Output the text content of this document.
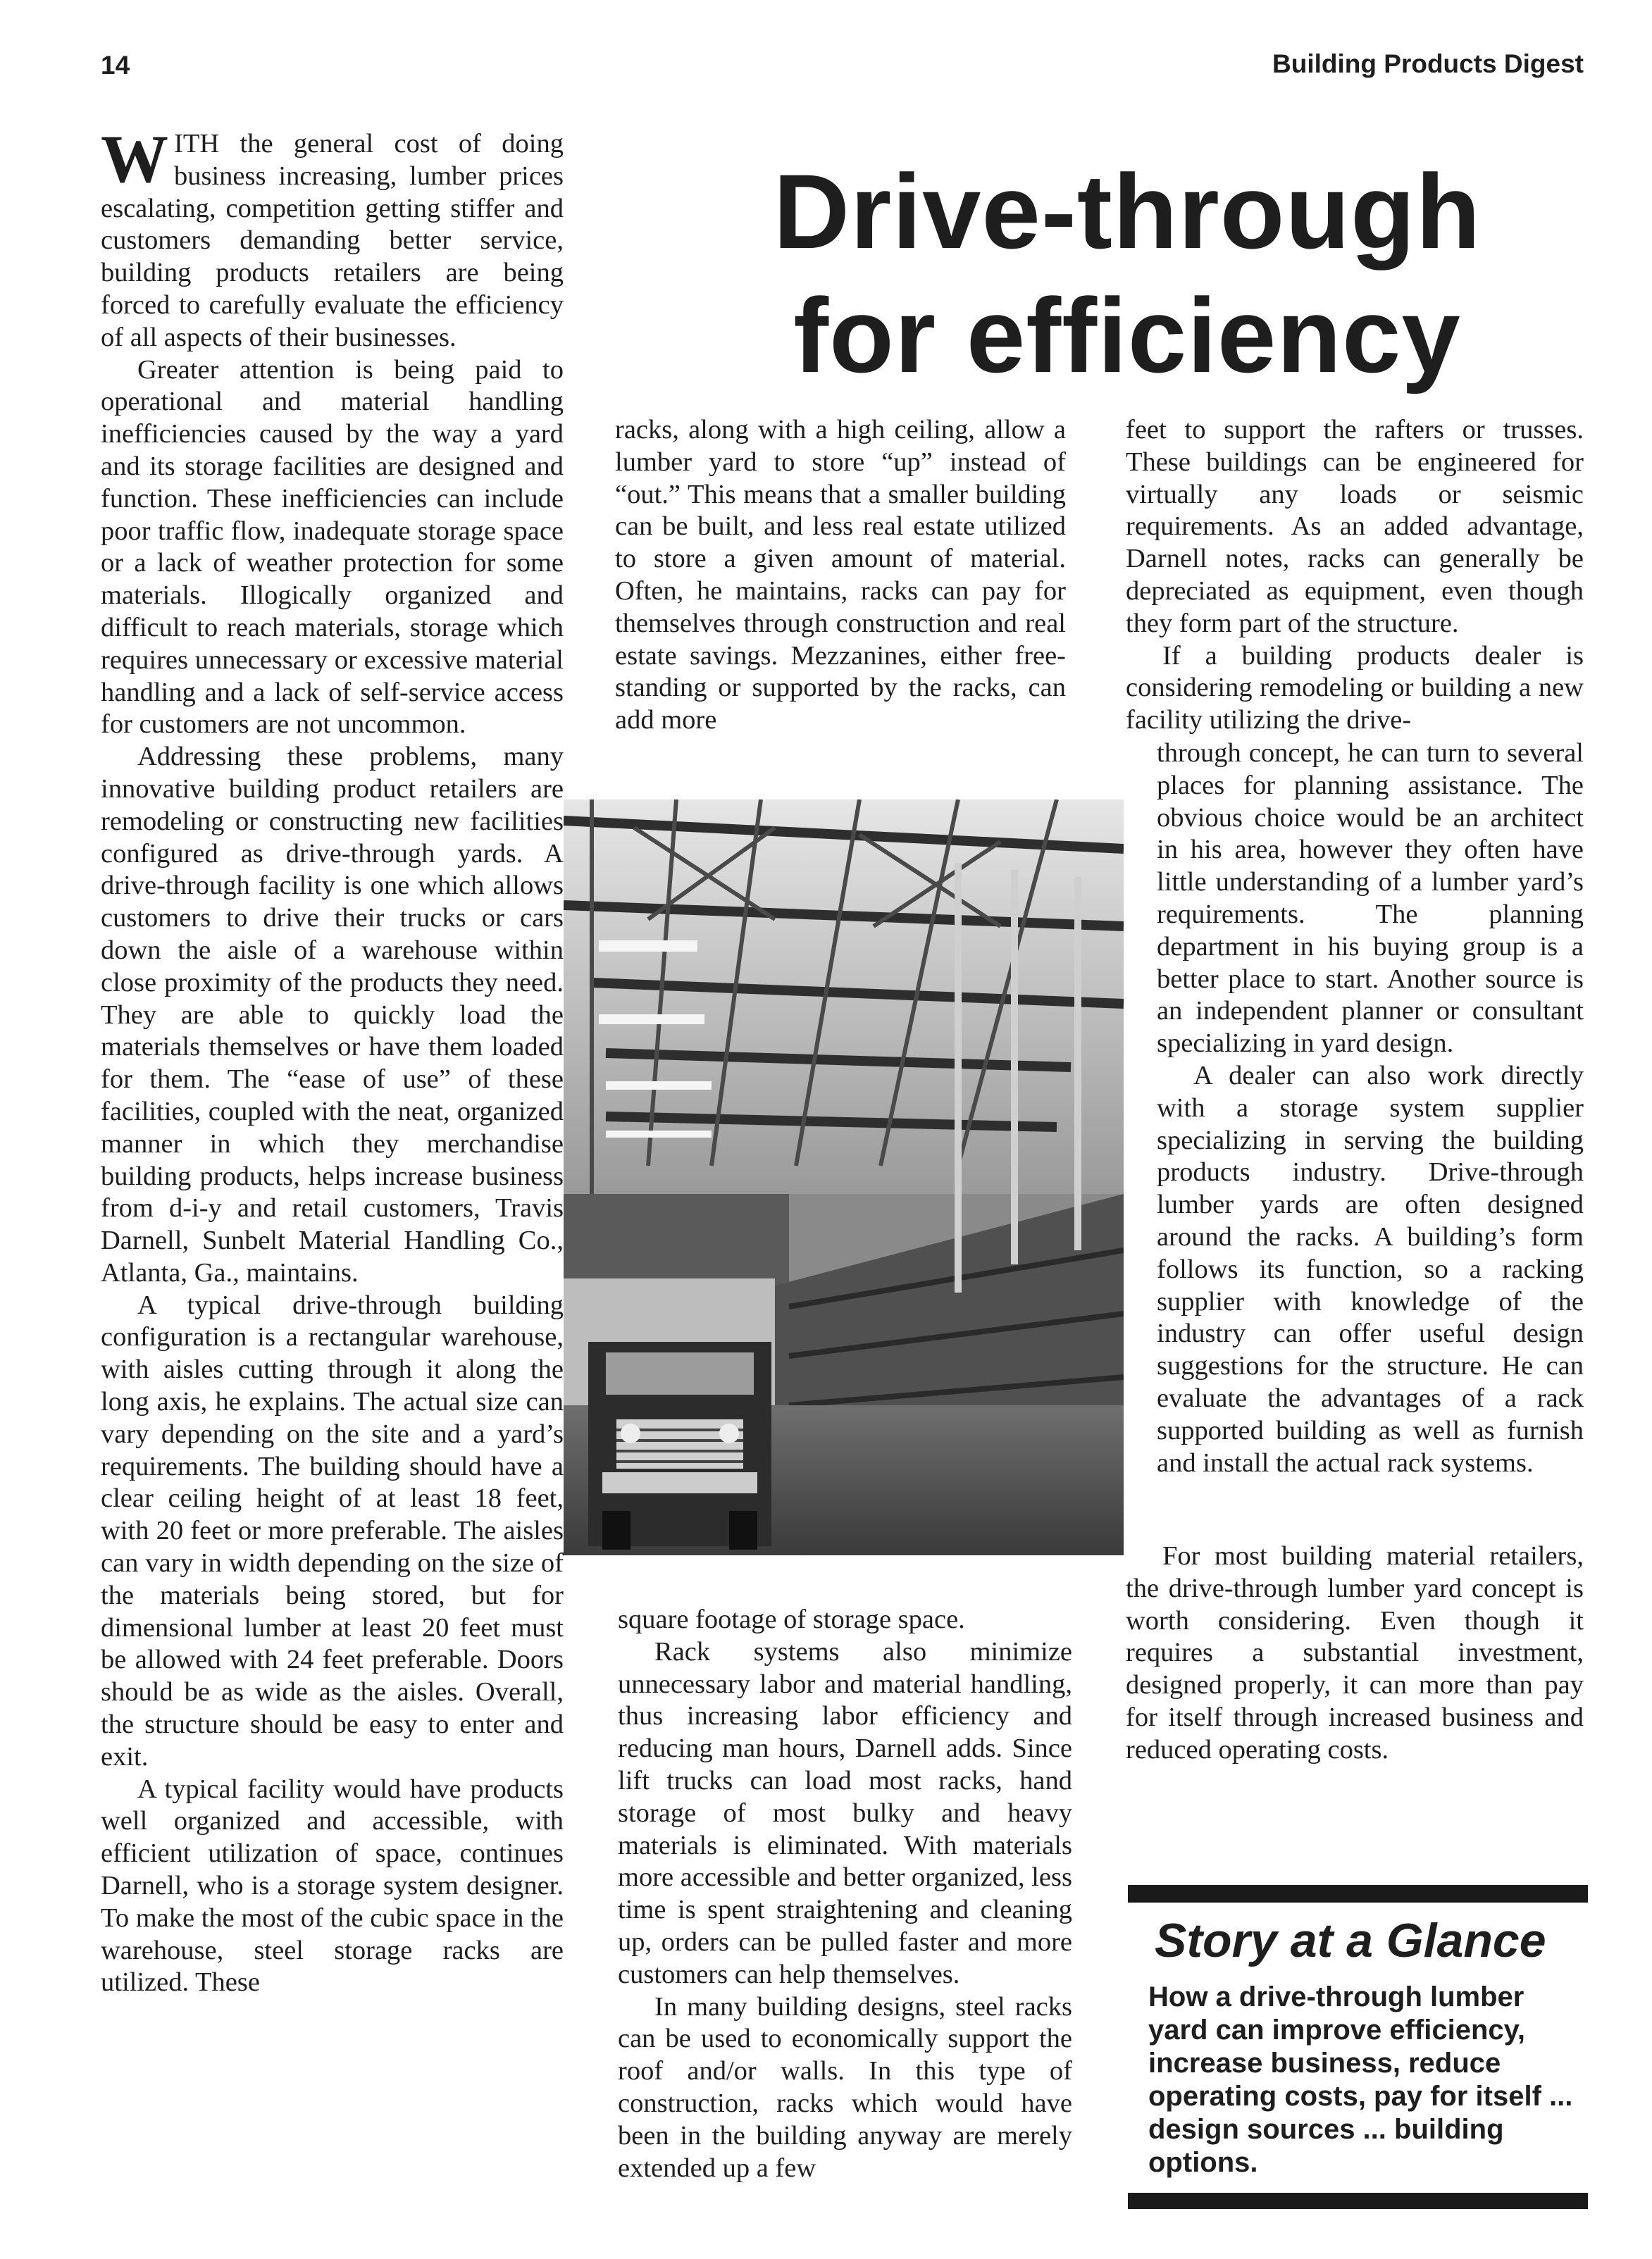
14	Building Products Digest
Drive-through
for efficiency

WITH the general cost of doing business increasing, lumber prices escalating, competition getting stiffer and customers demanding better service, building products retailers are being forced to carefully evaluate the efficiency of all aspects of their businesses.

Greater attention is being paid to operational and material handling inefficiencies caused by the way a yard and its storage facilities are designed and function. These inefficiencies can include poor traffic flow, inadequate storage space or a lack of weather protection for some materials. Illogically organized and difficult to reach materials, storage which requires unnecessary or excessive material handling and a lack of self-service access for customers are not uncommon.

Addressing these problems, many innovative building product retailers are remodeling or constructing new facilities configured as drive-through yards. A drive-through facility is one which allows customers to drive their trucks or cars down the aisle of a warehouse within close proximity of the products they need. They are able to quickly load the materials themselves or have them loaded for them. The “ease of use” of these facilities, coupled with the neat, organized manner in which they merchandise building products, helps increase business from d-i-y and retail customers, Travis Darnell, Sunbelt Material Handling Co., Atlanta, Ga., maintains.

A typical drive-through building configuration is a rectangular warehouse, with aisles cutting through it along the long axis, he explains. The actual size can vary depending on the site and a yard’s requirements. The building should have a clear ceiling height of at least 18 feet, with 20 feet or more preferable. The aisles can vary in width depending on the size of the materials being stored, but for dimensional lumber at least 20 feet must be allowed with 24 feet preferable. Doors should be as wide as the aisles. Overall, the structure should be easy to enter and exit.

A typical facility would have products well organized and accessible, with efficient utilization of space, continues Darnell, who is a storage system designer. To make the most of the cubic space in the warehouse, steel storage racks are utilized. These

racks, along with a high ceiling, allow a lumber yard to store “up” instead of “out.” This means that a smaller building can be built, and less real estate utilized to store a given amount of material. Often, he maintains, racks can pay for themselves through construction and real estate savings. Mezzanines, either free-standing or supported by the racks, can add more

square footage of storage space.

Rack systems also minimize unnecessary labor and material handling, thus increasing labor efficiency and reducing man hours, Darnell adds. Since lift trucks can load most racks, hand storage of most bulky and heavy materials is eliminated. With materials more accessible and better organized, less time is spent straightening and cleaning up, orders can be pulled faster and more customers can help themselves.

In many building designs, steel racks can be used to economically support the roof and/or walls. In this type of construction, racks which would have been in the building anyway are merely extended up a few

feet to support the rafters or trusses. These buildings can be engineered for virtually any loads or seismic requirements. As an added advantage, Darnell notes, racks can generally be depreciated as equipment, even though they form part of the structure.

If a building products dealer is considering remodeling or building a new facility utilizing the drive-

through concept, he can turn to several places for planning assistance. The obvious choice would be an architect in his area, however they often have little understanding of a lumber yard’s requirements. The planning department in his buying group is a better place to start. Another source is an independent planner or consultant specializing in yard design.

A dealer can also work directly with a storage system supplier specializing in serving the building products industry. Drive-through lumber yards are often designed around the racks. A building’s form follows its function, so a racking supplier with knowledge of the industry can offer useful design suggestions for the structure. He can evaluate the advantages of a rack supported building as well as furnish and install the actual rack systems.

For most building material retailers, the drive-through lumber yard concept is worth considering. Even though it requires a substantial investment, designed properly, it can more than pay for itself through increased business and reduced operating costs.

Story at a Glance
How a drive-through lumber yard can improve efficiency, increase business, reduce operating costs, pay for itself ... design sources ... building options.
